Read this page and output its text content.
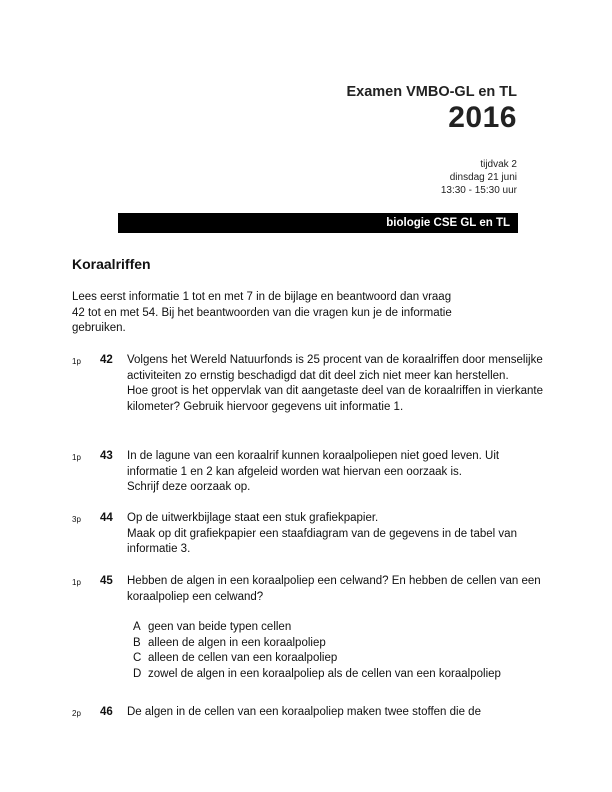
Examen VMBO-GL en TL
2016
tijdvak 2
dinsdag 21 juni
13:30 - 15:30 uur
biologie CSE GL en TL
Koraalriffen

Lees eerst informatie 1 tot en met 7 in de bijlage en beantwoord dan vraag 42 tot en met 54. Bij het beantwoorden van die vragen kun je de informatie gebruiken.

1p 42 Volgens het Wereld Natuurfonds is 25 procent van de koraalriffen door menselijke activiteiten zo ernstig beschadigd dat dit deel zich niet meer kan herstellen.

Hoe groot is het oppervlak van dit aangetaste deel van de koraalriffen in vierkante kilometer? Gebruik hiervoor gegevens uit informatie 1.

1p 43 In de lagune van een koraalrif kunnen koraalpoliepen niet goed leven. Uit informatie 1 en 2 kan afgeleid worden wat hiervan een oorzaak is.

Schrijf deze oorzaak op.

3p 44 Op de uitwerkbijlage staat een stuk grafiekpapier.

Maak op dit grafiekpapier een staafdiagram van de gegevens in de tabel van informatie 3.

1p 45 Hebben de algen in een koraalpoliep een celwand? En hebben de cellen van een koraalpoliep een celwand?

A geen van beide typen cellen
B alleen de algen in een koraalpoliep
C alleen de cellen van een koraalpoliep
D zowel de algen in een koraalpoliep als de cellen van een koraalpoliep
2p 46 De algen in de cellen van een koraalpoliep maken twee stoffen die de
